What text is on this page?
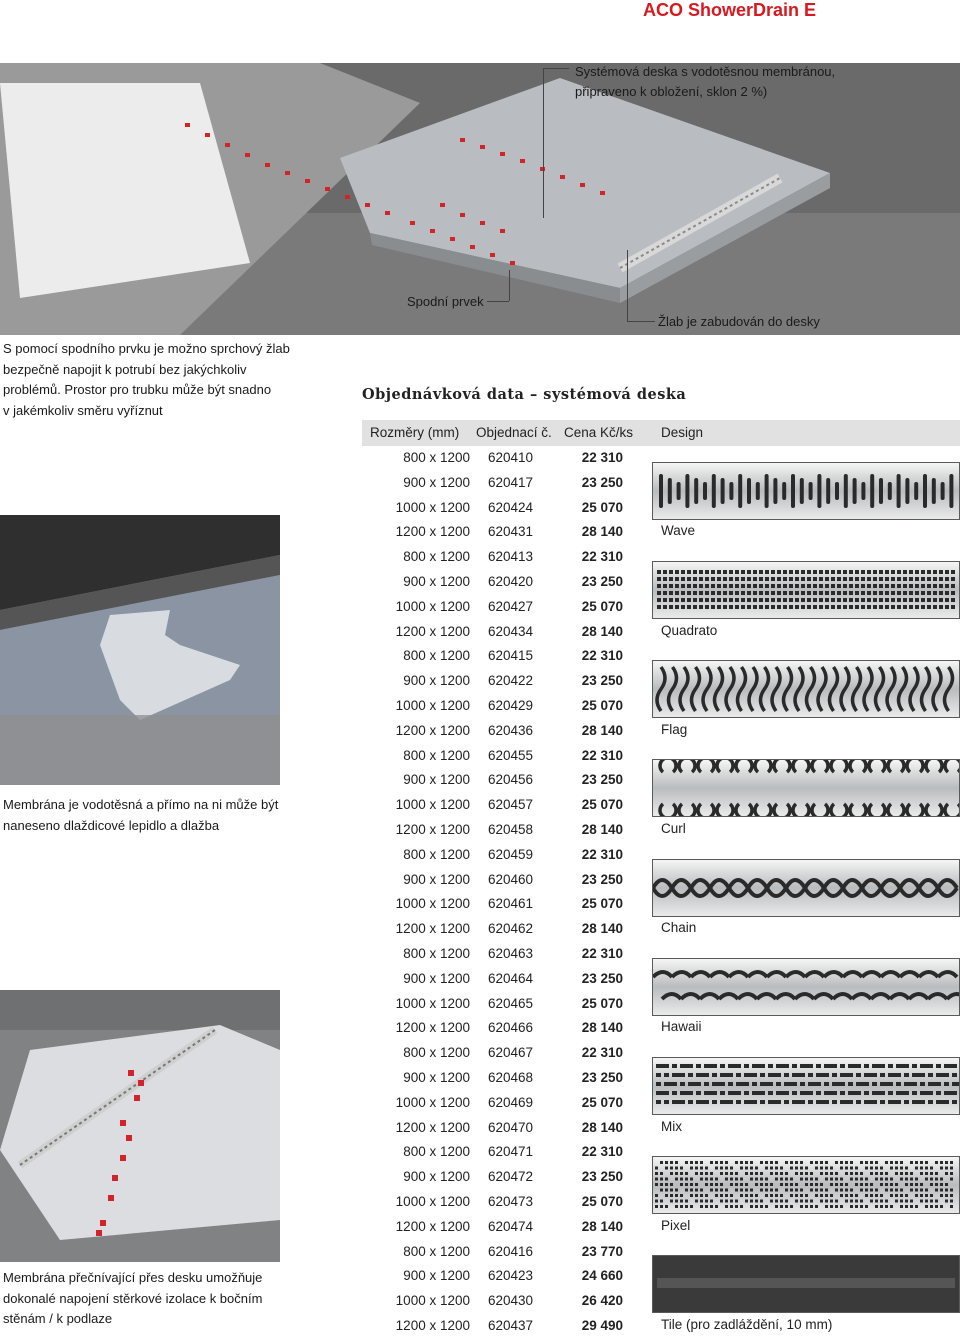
ACO ShowerDrain E
Systémová deska s vodotěsnou membránou,
připraveno k obložení, sklon 2 %)
Spodní prvek
Žlab je zabudován do desky
S pomocí spodního prvku je možno sprchový žlab
bezpečně napojit k potrubí bez jakýchkoliv
problémů. Prostor pro trubku může být snadno
v jakémkoliv směru vyříznut
Membrána je vodotěsná a přímo na ni může být
naneseno dlaždicové lepidlo a dlažba
Membrána přečnívající přes desku umožňuje
dokonalé napojení stěrkové izolace k bočním
stěnám / k podlaze
Objednávková data – systémová deska
Rozměry (mm) Objednací č. Cena Kč/ks Design
800 x 1200 620410	22 310
900 x 1200 620417	23 250
1000 x 1200 620424	25 070
1200 x 1200 620431	28 140	Wave
800 x 1200 620413	22 310
900 x 1200 620420	23 250
1000 x 1200 620427	25 070
1200 x 1200 620434	28 140	Quadrato
800 x 1200 620415	22 310
900 x 1200 620422	23 250
1000 x 1200 620429	25 070
1200 x 1200 620436	28 140	Flag
800 x 1200 620455	22 310
900 x 1200 620456	23 250
1000 x 1200 620457	25 070
1200 x 1200 620458	28 140	Curl
800 x 1200 620459	22 310
900 x 1200 620460	23 250
1000 x 1200 620461	25 070
1200 x 1200 620462	28 140	Chain
800 x 1200 620463	22 310
900 x 1200 620464	23 250
1000 x 1200 620465	25 070
1200 x 1200 620466	28 140	Hawaii
800 x 1200 620467	22 310
900 x 1200 620468	23 250
1000 x 1200 620469	25 070
1200 x 1200 620470	28 140	Mix
800 x 1200 620471	22 310
900 x 1200 620472	23 250
1000 x 1200 620473	25 070
1200 x 1200 620474	28 140	Pixel
800 x 1200 620416	23 770
900 x 1200 620423	24 660
1000 x 1200 620430	26 420
1200 x 1200 620437	29 490	Tile (pro zadláždění, 10 mm)
